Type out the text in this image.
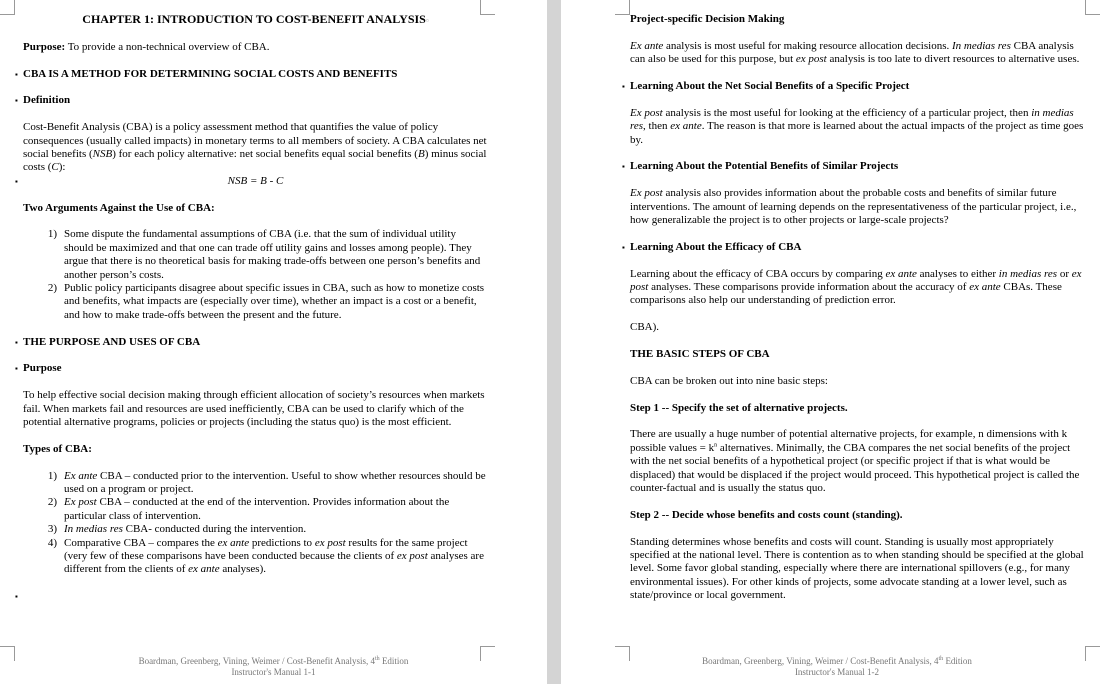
CHAPTER 1: INTRODUCTION TO COST-BENEFIT ANALYSIS▫

Purpose: To provide a non-technical overview of CBA.

▪ CBA IS A METHOD FOR DETERMINING SOCIAL COSTS AND BENEFITS

▪ Definition

Cost-Benefit Analysis (CBA) is a policy assessment method that quantifies the value of policy consequences (usually called impacts) in monetary terms to all members of society. A CBA calculates net social benefits (NSB) for each policy alternative: net social benefits equal social benefits (B) minus social costs (C):

▪ NSB = B - C

Two Arguments Against the Use of CBA:

1) Some dispute the fundamental assumptions of CBA (i.e. that the sum of individual utility should be maximized and that one can trade off utility gains and losses among people). They argue that there is no theoretical basis for making trade-offs between one person’s benefits and another person’s costs.
2) Public policy participants disagree about specific issues in CBA, such as how to monetize costs and benefits, what impacts are (especially over time), whether an impact is a cost or a benefit, and how to make trade-offs between the present and the future.

▪ THE PURPOSE AND USES OF CBA

▪ Purpose

To help effective social decision making through efficient allocation of society’s resources when markets fail. When markets fail and resources are used inefficiently, CBA can be used to clarify which of the potential alternative programs, policies or projects (including the status quo) is the most efficient.

Types of CBA:

1) Ex ante CBA – conducted prior to the intervention. Useful to show whether resources should be used on a program or project.
2) Ex post CBA – conducted at the end of the intervention. Provides information about the particular class of intervention.
3) In medias res CBA- conducted during the intervention.
4) Comparative CBA – compares the ex ante predictions to ex post results for the same project (very few of these comparisons have been conducted because the clients of ex post analyses are different from the clients of ex ante analyses).

▪

Boardman, Greenberg, Vining, Weimer / Cost-Benefit Analysis, 4th Edition
Instructor's Manual 1-1

Project-specific Decision Making

Ex ante analysis is most useful for making resource allocation decisions. In medias res CBA analysis can also be used for this purpose, but ex post analysis is too late to divert resources to alternative uses.

▪ Learning About the Net Social Benefits of a Specific Project

Ex post analysis is the most useful for looking at the efficiency of a particular project, then in medias res, then ex ante. The reason is that more is learned about the actual impacts of the project as time goes by.

▪ Learning About the Potential Benefits of Similar Projects

Ex post analysis also provides information about the probable costs and benefits of similar future interventions. The amount of learning depends on the representativeness of the particular project, i.e., how generalizable the project is to other projects or large-scale projects?

▪ Learning About the Efficacy of CBA

Learning about the efficacy of CBA occurs by comparing ex ante analyses to either in medias res or ex post analyses. These comparisons provide information about the accuracy of ex ante CBAs. These comparisons also help our understanding of prediction error.

CBA).

THE BASIC STEPS OF CBA

CBA can be broken out into nine basic steps:

Step 1 -- Specify the set of alternative projects.

There are usually a huge number of potential alternative projects, for example, n dimensions with k possible values = $k^n$ alternatives. Minimally, the CBA compares the net social benefits of the project with the net social benefits of a hypothetical project (or specific project if that is what would be displaced) that would be displaced if the project would proceed. This hypothetical project is called the counter-factual and is usually the status quo.

Step 2 -- Decide whose benefits and costs count (standing).

Standing determines whose benefits and costs will count. Standing is usually most appropriately specified at the national level. There is contention as to when standing should be specified at the global level. Some favor global standing, especially where there are international spillovers (e.g., for many environmental issues). For other kinds of projects, some advocate standing at a lower level, such as state/province or local government.

Boardman, Greenberg, Vining, Weimer / Cost-Benefit Analysis, 4th Edition
Instructor's Manual 1-2
